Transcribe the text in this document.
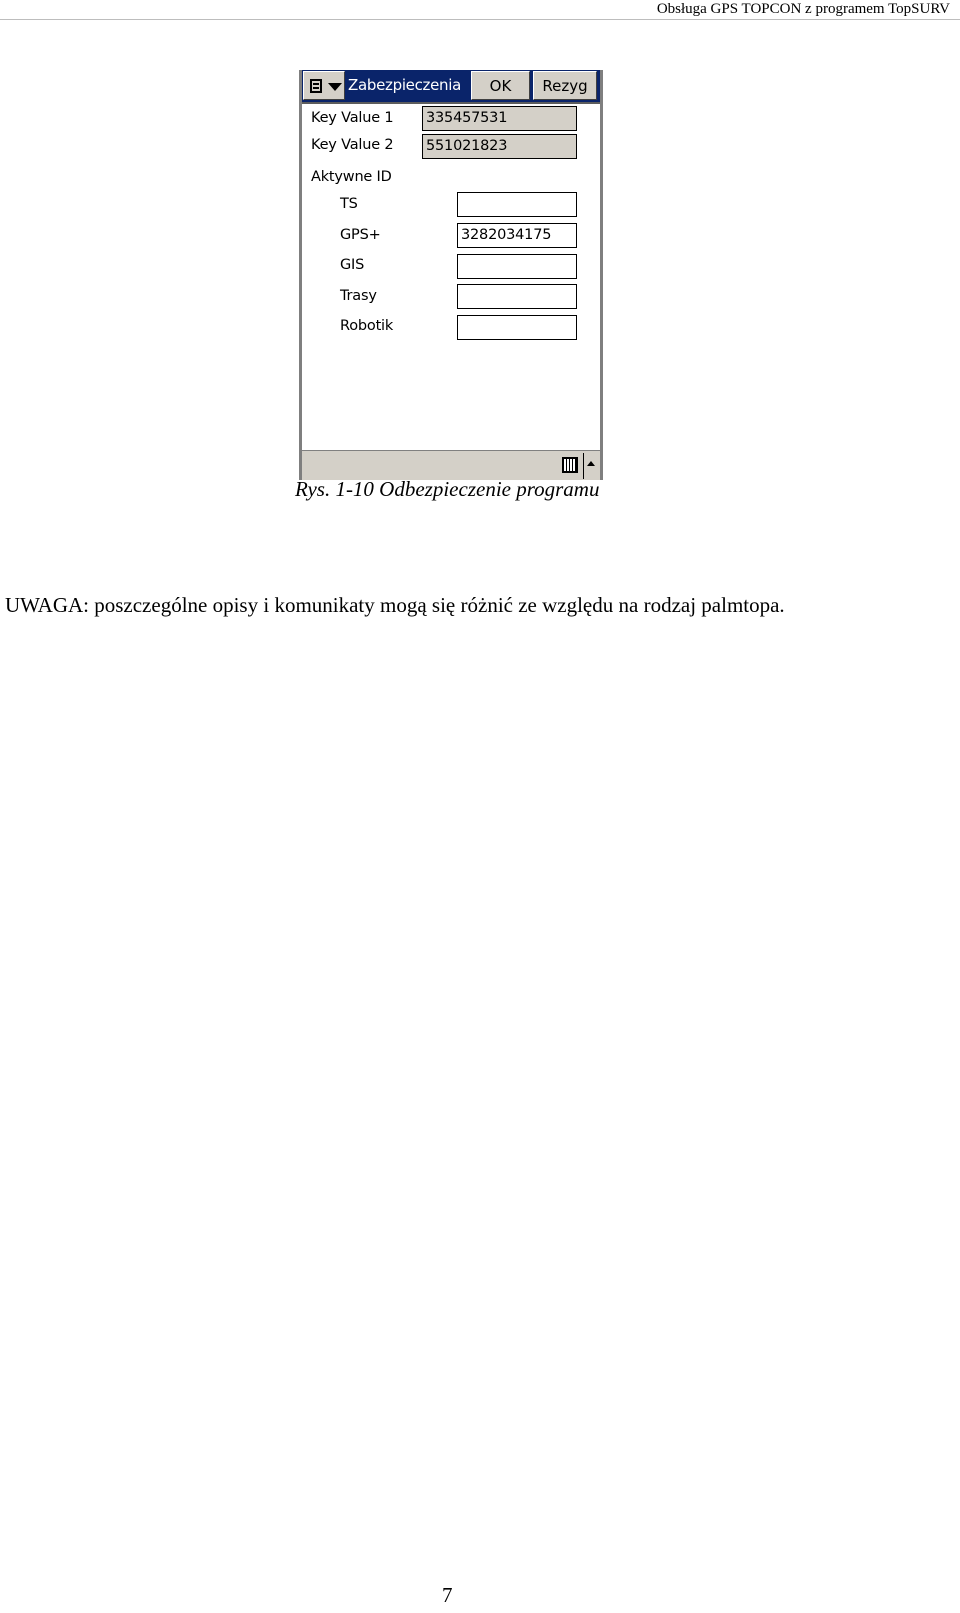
Obsługa GPS TOPCON z programem TopSURV
Zabezpieczenia	OK	Rezyg
Key Value 1 335457531
Key Value 2 551021823
Aktywne ID
TS
GPS+	3282034175
GIS
Trasy
Robotik
Rys. 1-10 Odbezpieczenie programu
UWAGA: poszczególne opisy i komunikaty mogą się różnić ze względu na rodzaj palmtopa.
7
